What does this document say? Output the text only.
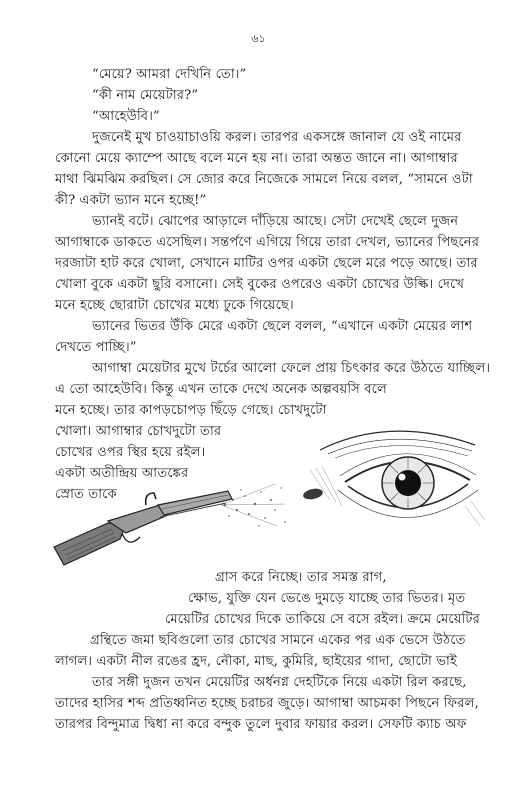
৬১
“মেয়ে? আমরা দেখিনি তো।”
“কী নাম মেয়েটার?”
“আহেউবি।”
দুজনেই মুখ চাওয়াচাওয়ি করল। তারপর একসঙ্গে জানাল যে ওই নামের
কোনো মেয়ে ক্যাম্পে আছে বলে মনে হয় না। তারা অন্তত জানে না। আগাম্বার
মাথা ঝিমঝিম করছিল। সে জোর করে নিজেকে সামলে নিয়ে বলল, “সামনে ওটা
কী? একটা ভ্যান মনে হচ্ছে!”
ভ্যানই বটে। ঝোপের আড়ালে দাঁড়িয়ে আছে। সেটা দেখেই ছেলে দুজন
আগাম্বাকে ডাকতে এসেছিল। সন্তর্পণে এগিয়ে গিয়ে তারা দেখল, ভ্যানের পিছনের
দরজাটা হাট করে খোলা, সেখানে মাটির ওপর একটা ছেলে মরে পড়ে আছে। তার
খোলা বুকে একটা ছুরি বসানো। সেই বুকের ওপরেও একটা চোখের উল্কি। দেখে
মনে হচ্ছে ছোরাটা চোখের মধ্যে ঢুকে গিয়েছে।
ভ্যানের ভিতর উঁকি মেরে একটা ছেলে বলল, “এখানে একটা মেয়ের লাশ
দেখতে পাচ্ছি।”
আগাম্বা মেয়েটার মুখে টর্চের আলো ফেলে প্রায় চিৎকার করে উঠতে যাচ্ছিল।
এ তো আহেউবি। কিন্তু এখন তাকে দেখে অনেক অল্পবয়সি বলে
মনে হচ্ছে। তার কাপড়চোপড় ছিঁড়ে গেছে। চোখদুটো
খোলা। আগাম্বার চোখদুটো তার
চোখের ওপর স্থির হয়ে রইল।
একটা অতীন্দ্রিয় আতঙ্কের
স্রোত তাকে
গ্রাস করে নিচ্ছে। তার সমস্ত রাগ,
ক্ষোভ, যুক্তি যেন ভেঙে দুমড়ে যাচ্ছে তার ভিতর। মৃত
মেয়েটির চোখের দিকে তাকিয়ে সে বসে রইল। ক্রমে মেয়েটির
গ্রন্থিতে জমা ছবিগুলো তার চোখের সামনে একের পর এক ভেসে উঠতে
লাগল। একটা নীল রঙের হ্রদ, নৌকা, মাছ, কুমিরি, ছাইয়ের গাদা, ছোটো ভাই
তার সঙ্গী দুজন তখন মেয়েটির অর্ধনগ্ন দেহটিকে নিয়ে একটা রিল করছে,
তাদের হাসির শব্দ প্রতিধ্বনিত হচ্ছে চরাচর জুড়ে। আগাম্বা আচমকা পিছনে ফিরল,
তারপর বিন্দুমাত্র দ্বিধা না করে বন্দুক তুলে দুবার ফায়ার করল। সেফটি ক্যাচ অফ
